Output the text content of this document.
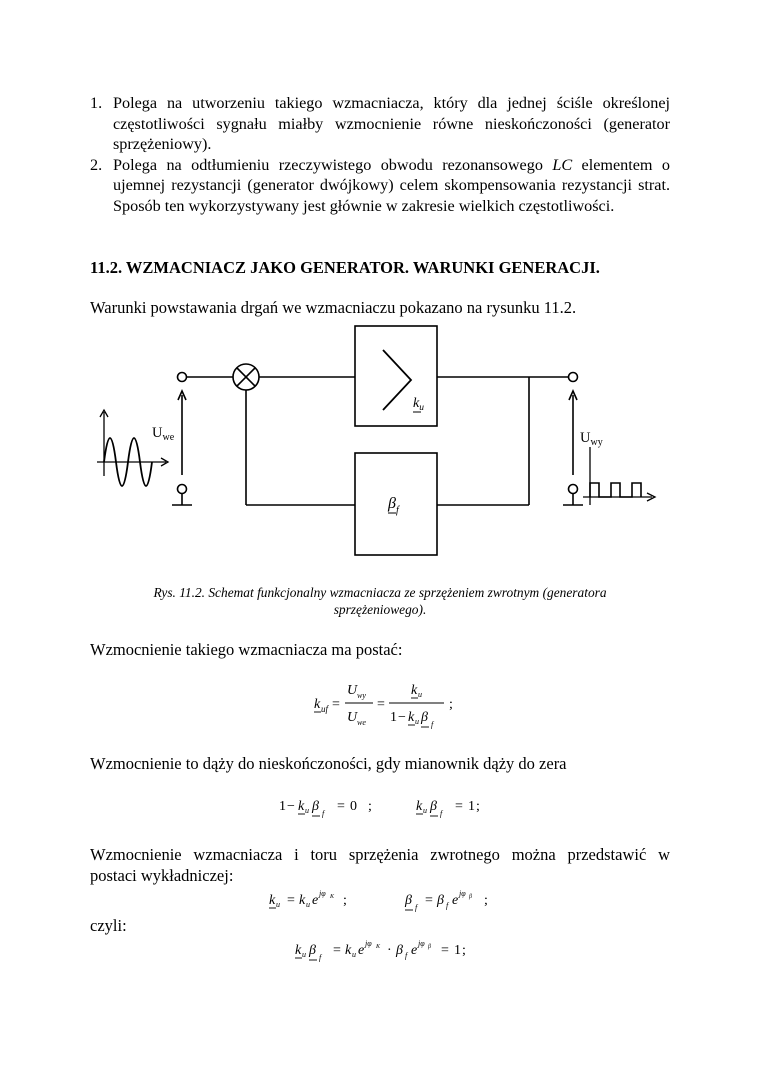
1. Polega na utworzeniu takiego wzmacniacza, który dla jednej ściśle określonej częstotliwości sygnału miałby wzmocnienie równe nieskończoności (generator sprzężeniowy).
2. Polega na odtłumieniu rzeczywistego obwodu rezonansowego LC elementem o ujemnej rezystancji (generator dwójkowy) celem skompensowania rezystancji strat. Sposób ten wykorzystywany jest głównie w zakresie wielkich częstotliwości.
11.2. WZMACNIACZ JAKO GENERATOR. WARUNKI GENERACJI.
Warunki powstawania drgań we wzmacniaczu pokazano na rysunku 11.2.
$U_{we}$	$U_{wy}$
$k_u$
$\beta_f$
Rys. 11.2. Schemat funkcjonalny wzmacniacza ze sprzężeniem zwrotnym (generatora
sprzężeniowego).
Wzmocnienie takiego wzmacniacza ma postać:
k uf =
U wy
U we
=
k u
1 − k u β f
;
Wzmocnienie to dąży do nieskończoności, gdy mianownik dąży do zera
1 − k u β f = 0 ;	k u β f = 1 ;
Wzmocnienie wzmacniacza i toru sprzężenia zwrotnego można przedstawić w
postaci wykładniczej:
k u = k u e jφ K ;	β f = β f e jφ β ;
czyli:
k u β f = k u e jφ K · β f e jφ β = 1 ;
